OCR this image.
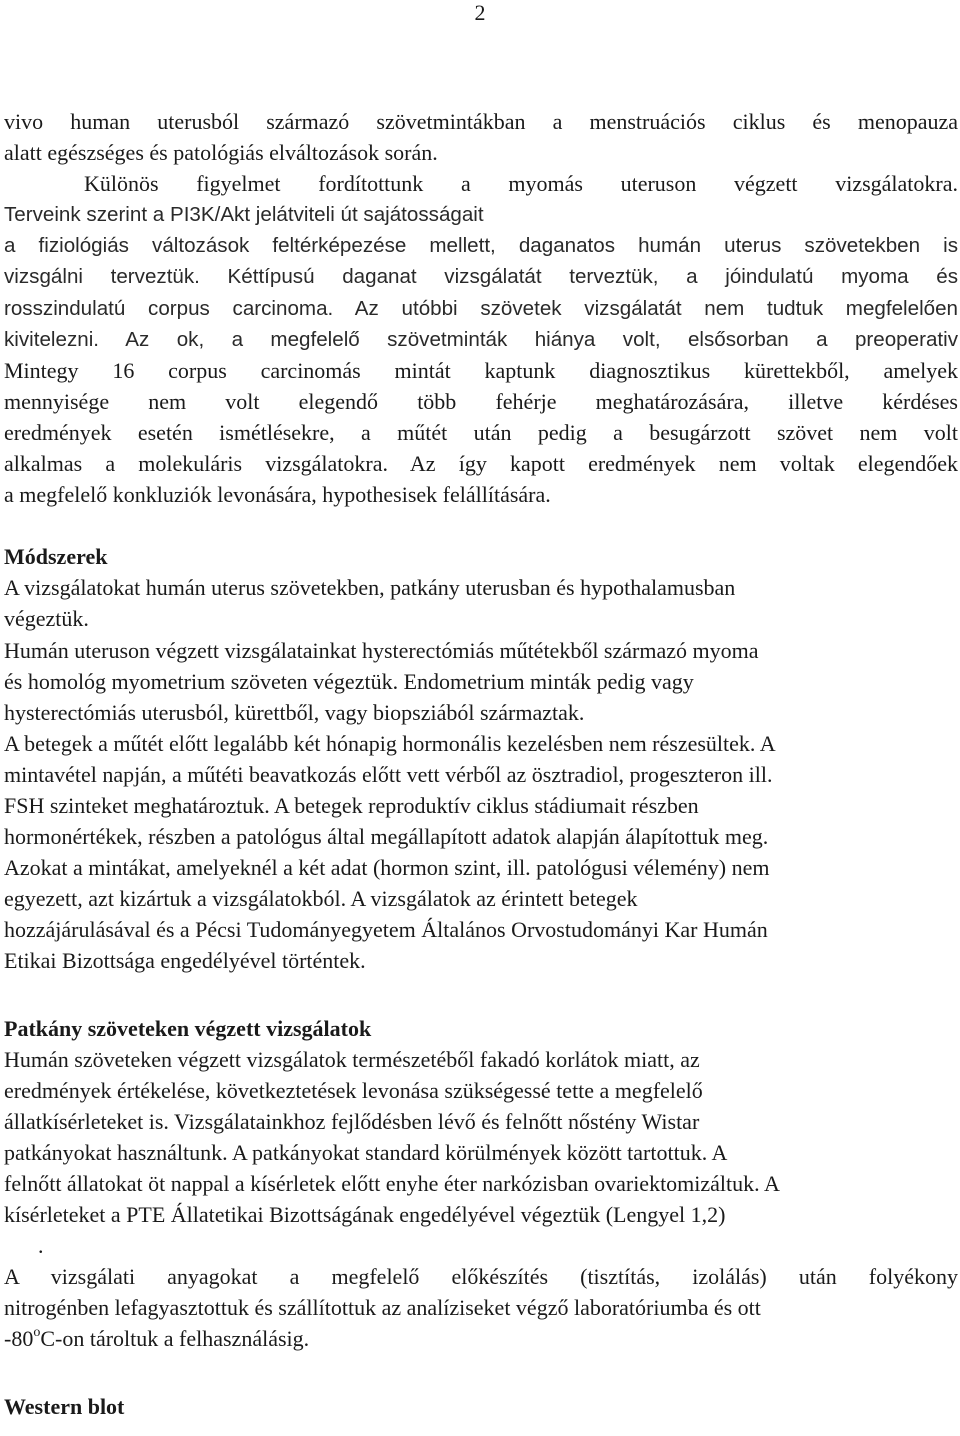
2
vivo human uterusból származó szövetmintákban a menstruációs ciklus és menopauza
alatt egészséges és patológiás elváltozások során.
Különös figyelmet fordítottunk a myomás uteruson végzett vizsgálatokra.
Terveink szerint a PI3K/Akt jelátviteli út sajátosságait
a fiziológiás változások feltérképezése mellett, daganatos humán uterus szövetekben is
vizsgálni terveztük. Kéttípusú daganat vizsgálatát terveztük, a jóindulatú myoma és
rosszindulatú corpus carcinoma. Az utóbbi szövetek vizsgálatát nem tudtuk megfelelően
kivitelezni. Az ok, a megfelelő szövetminták hiánya volt, elsősorban a preoperativ
Mintegy 16 corpus carcinomás mintát kaptunk diagnosztikus kürettekből, amelyek
mennyisége nem volt elegendő több fehérje meghatározására, illetve kérdéses
eredmények esetén ismétlésekre, a műtét után pedig a besugárzott szövet nem volt
alkalmas a molekuláris vizsgálatokra. Az így kapott eredmények nem voltak elegendőek
a megfelelő konkluziók levonására, hypothesisek felállítására.
Módszerek
A vizsgálatokat humán uterus szövetekben, patkány uterusban és hypothalamusban
végeztük.
Humán uteruson végzett vizsgálatainkat hysterectómiás műtétekből származó myoma
és homológ myometrium szöveten végeztük. Endometrium minták pedig vagy
hysterectómiás uterusból, kürettből, vagy biopsziából származtak.
A betegek a műtét előtt legalább két hónapig hormonális kezelésben nem részesültek. A
mintavétel napján, a műtéti beavatkozás előtt vett vérből az ösztradiol, progeszteron ill.
FSH szinteket meghatároztuk. A betegek reproduktív ciklus stádiumait részben
hormonértékek, részben a patológus által megállapított adatok alapján álapítottuk meg.
Azokat a mintákat, amelyeknél a két adat (hormon szint, ill. patológusi vélemény) nem
egyezett, azt kizártuk a vizsgálatokból. A vizsgálatok az érintett betegek
hozzájárulásával és a Pécsi Tudományegyetem Általános Orvostudományi Kar Humán
Etikai Bizottsága engedélyével történtek.
Patkány szöveteken végzett vizsgálatok
Humán szöveteken végzett vizsgálatok természetéből fakadó korlátok miatt, az
eredmények értékelése, következtetések levonása szükségessé tette a megfelelő
állatkísérleteket is. Vizsgálatainkhoz fejlődésben lévő és felnőtt nőstény Wistar
patkányokat használtunk. A patkányokat standard körülmények között tartottuk. A
felnőtt állatokat öt nappal a kísérletek előtt enyhe éter narkózisban ovariektomizáltuk. A
kísérleteket a PTE Állatetikai Bizottságának engedélyével végeztük (Lengyel 1,2)
.
A vizsgálati anyagokat a megfelelő előkészítés (tisztítás, izolálás) után folyékony
nitrogénben lefagyasztottuk és szállítottuk az analíziseket végző laboratóriumba és ott
-80$^o$C-on tároltuk a felhasználásig.
Western blot
